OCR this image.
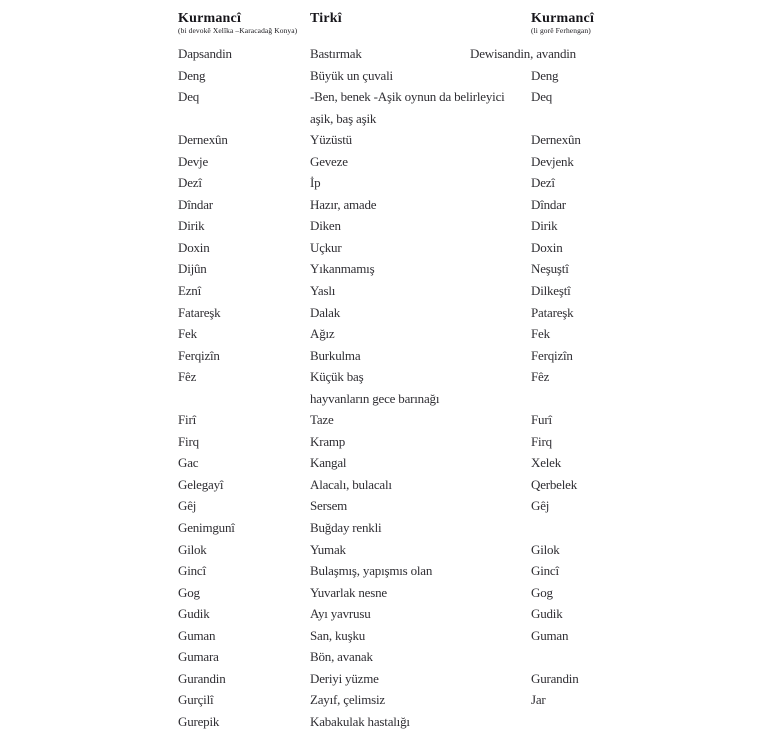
Kurmancî
(bi devokê Xelîka –Karacadağ Konya)
Tirkî	Kurmancî
(li gorê Ferhengan)
Dapsandin	Bastırmak	Dewisandin, avandin
Deng	Büyük un çuvali	Deng
Deq	-Ben, benek -Aşik oynun da belirleyici	Deq
aşik, baş aşik
Dernexûn	Yüzüstü	Dernexûn
Devje	Geveze	Devjenk
Dezî	İp	Dezî
Dîndar	Hazır, amade	Dîndar
Dirik	Diken	Dirik
Doxin	Uçkur	Doxin
Dijûn	Yıkanmamış	Neşuştî
Eznî	Yaslı	Dilkeştî
Fatareşk	Dalak	Patareşk
Fek	Ağız	Fek
Ferqizîn	Burkulma	Ferqizîn
Fêz	Küçük baş	Fêz
hayvanların gece barınağı
Firî	Taze	Furî
Firq	Kramp	Firq
Gac	Kangal	Xelek
Gelegayî	Alacalı, bulacalı	Qerbelek
Gêj	Sersem	Gêj
Genimgunî	Buğday renkli
Gilok	Yumak	Gilok
Gincî	Bulaşmış, yapışmıs olan	Gincî
Gog	Yuvarlak nesne	Gog
Gudik	Ayı yavrusu	Gudik
Guman	San, kuşku	Guman
Gumara	Bön, avanak
Gurandin	Deriyi yüzme	Gurandin
Gurçilî	Zayıf, çelimsiz	Jar
Gurepik	Kabakulak hastalığı
